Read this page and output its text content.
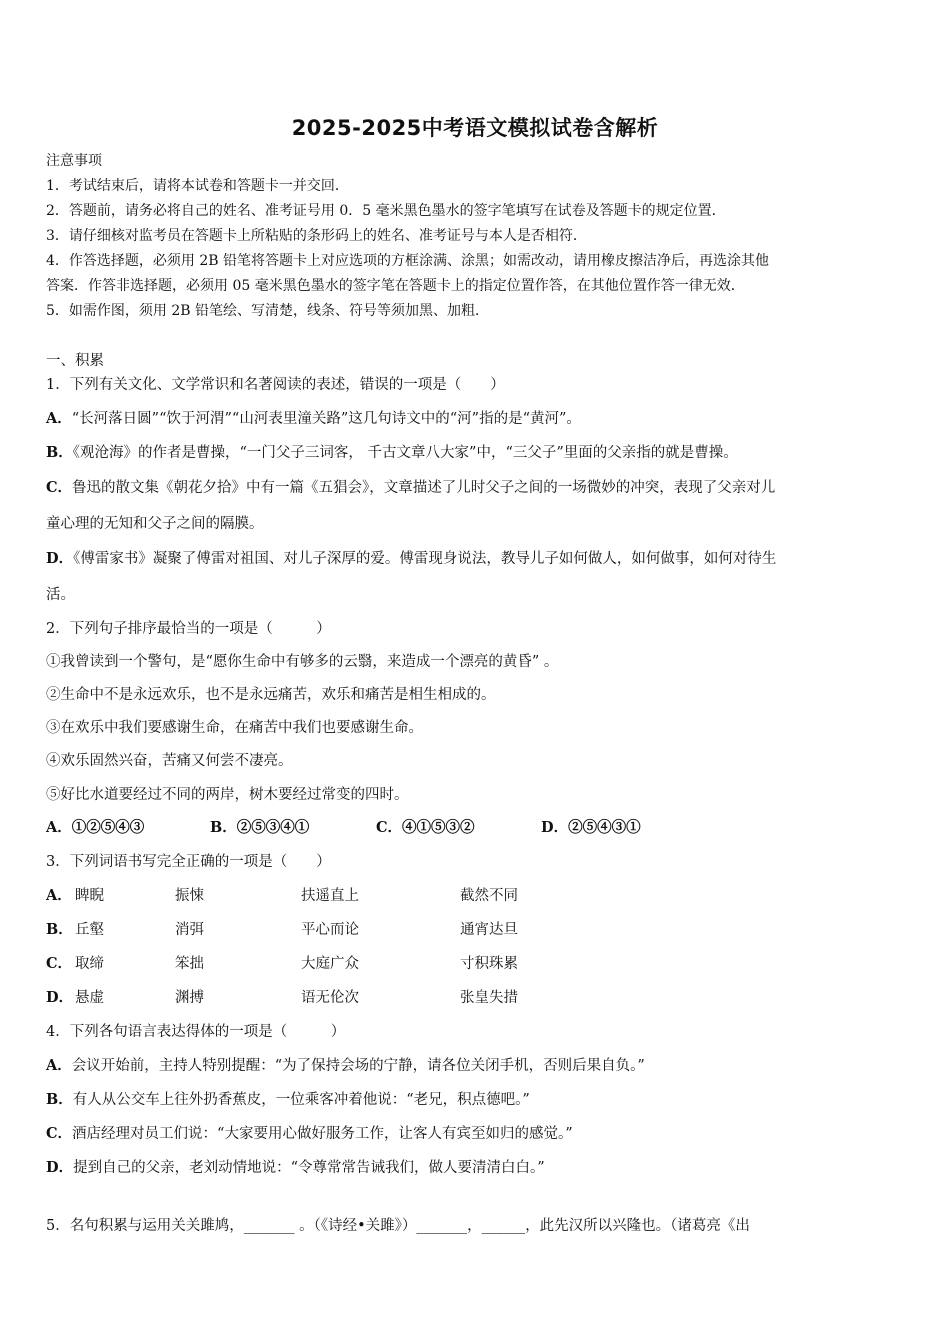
2025-2025中考语文模拟试卷含解析
注意事项
1．考试结束后，请将本试卷和答题卡一并交回．
2．答题前，请务必将自己的姓名、准考证号用 0．5 毫米黑色墨水的签字笔填写在试卷及答题卡的规定位置．
3．请仔细核对监考员在答题卡上所粘贴的条形码上的姓名、准考证号与本人是否相符．
4．作答选择题，必须用 2B 铅笔将答题卡上对应选项的方框涂满、涂黑；如需改动，请用橡皮擦洁净后，再选涂其他
答案．作答非选择题，必须用 05 毫米黑色墨水的签字笔在答题卡上的指定位置作答，在其他位置作答一律无效．
5．如需作图，须用 2B 铅笔绘、写清楚，线条、符号等须加黑、加粗．
一、积累
1．下列有关文化、文学常识和名著阅读的表述，错误的一项是（　　）
A．“长河落日圆”“饮于河渭”“山河表里潼关路”这几句诗文中的“河”指的是“黄河”。
B．《观沧海》的作者是曹操，“一门父子三词客， 千古文章八大家”中，“三父子”里面的父亲指的就是曹操。
C．鲁迅的散文集《朝花夕拾》中有一篇《五猖会》，文章描述了儿时父子之间的一场微妙的冲突，表现了父亲对儿
童心理的无知和父子之间的隔膜。
D．《傅雷家书》凝聚了傅雷对祖国、对儿子深厚的爱。傅雷现身说法，教导儿子如何做人，如何做事，如何对待生
活。
2．下列句子排序最恰当的一项是（　　　）
①我曾读到一个警句，是“愿你生命中有够多的云翳，来造成一个漂亮的黄昏” 。
②生命中不是永远欢乐，也不是永远痛苦，欢乐和痛苦是相生相成的。
③在欢乐中我们要感谢生命，在痛苦中我们也要感谢生命。
④欢乐固然兴奋，苦痛又何尝不凄亮。
⑤好比水道要经过不同的两岸，树木要经过常变的四时。
A．①②⑤④③	B．②⑤③④①	C．④①⑤③②	D．②⑤④③①
3．下列词语书写完全正确的一项是（　　）
A． 睥睨	振悚	扶遥直上	截然不同
B． 丘壑	消弭	平心而论	通宵达旦
C． 取缔	笨拙	大庭广众	寸积珠累
D． 悬虚	渊搏	语无伦次	张皇失措
4．下列各句语言表达得体的一项是（　　　）
A．会议开始前，主持人特别提醒：“为了保持会场的宁静，请各位关闭手机，否则后果自负。”
B．有人从公交车上往外扔香蕉皮，一位乘客冲着他说：“老兄，积点德吧。”
C．酒店经理对员工们说：“大家要用心做好服务工作，让客人有宾至如归的感觉。”
D．提到自己的父亲，老刘动情地说：“令尊常常告诫我们，做人要清清白白。”
5．名句积累与运用关关雎鸠，_______ 。（《诗经•关雎》）_______，______，此先汉所以兴隆也。（诸葛亮《出
